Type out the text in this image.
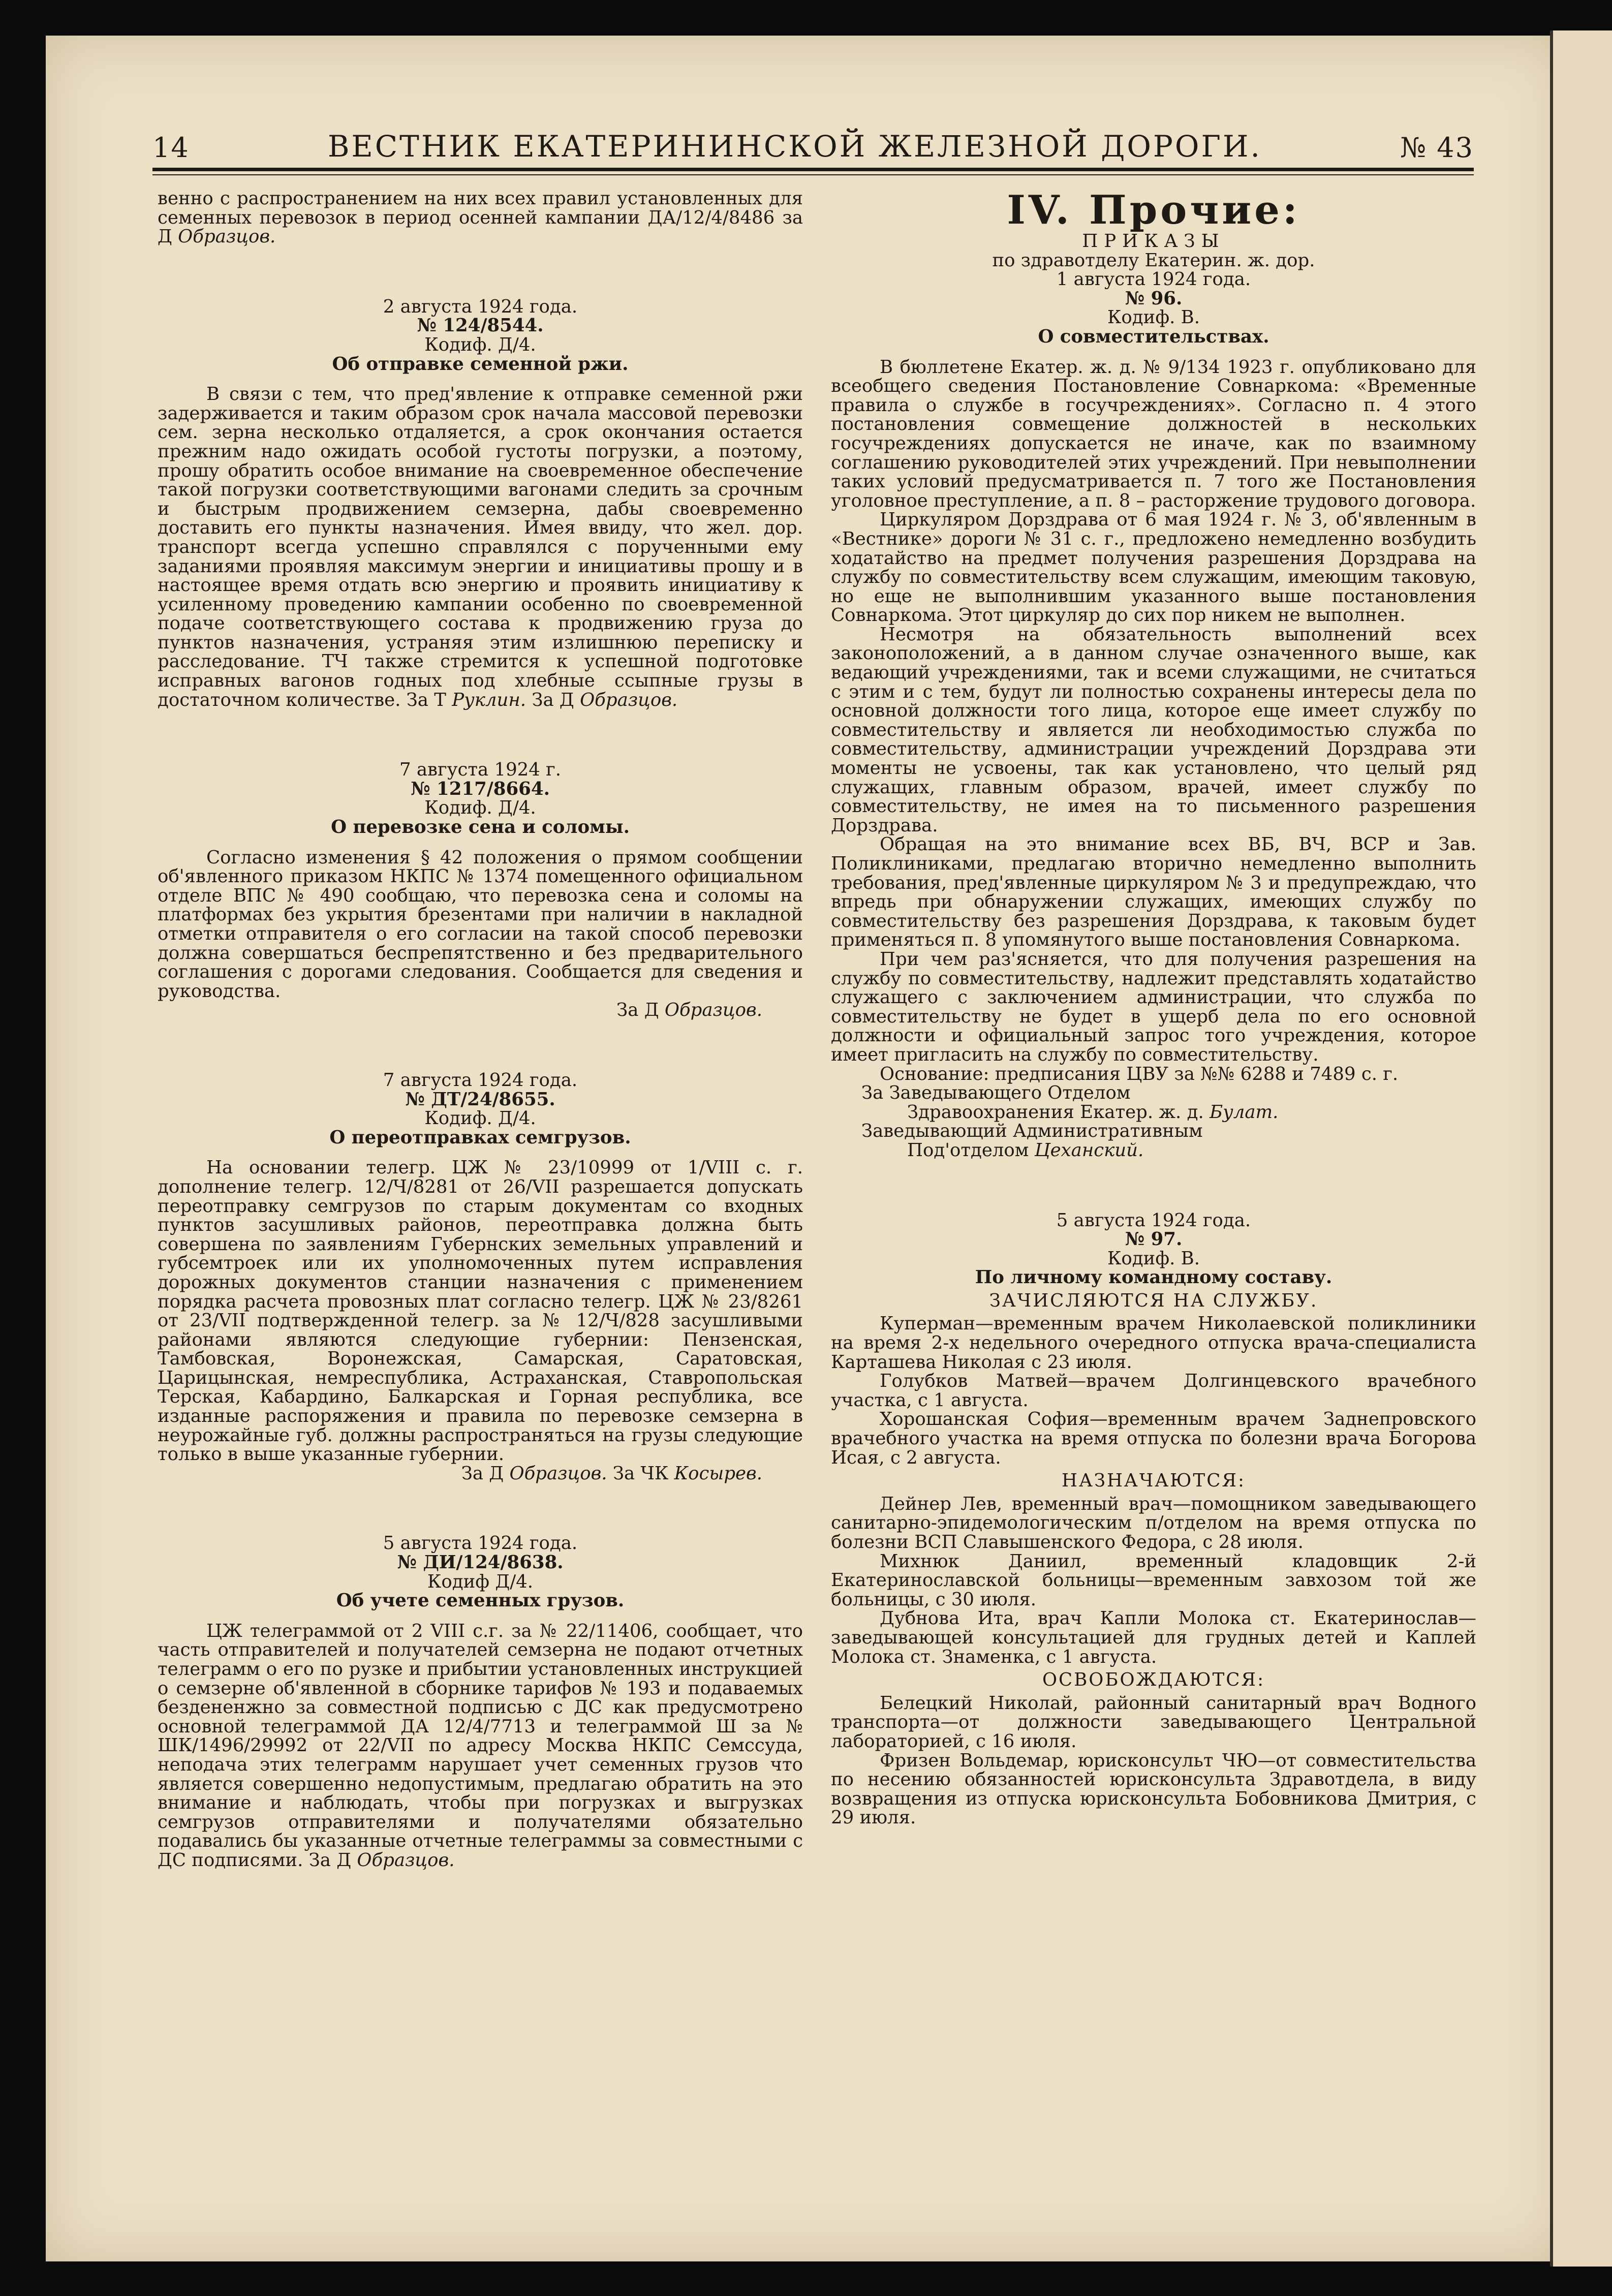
14	ВЕСТНИК ЕКАТЕРИНИНСКОЙ ЖЕЛЕЗНОЙ ДОРОГИ.	№ 43

венно с распространением на них всех правил установленных для семенных перевозок в период осенней кампании ДА/12/4/8486 за Д Образцов.

2 августа 1924 года.

№ 124/8544.

Кодиф. Д/4.

Об отправке семенной ржи.

В связи с тем, что пред'явление к отправке семенной ржи задерживается и таким образом срок начала массовой перевозки сем. зерна несколько отдаляется, а срок окончания остается прежним надо ожидать особой густоты погрузки, а поэтому, прошу обратить особое внимание на своевременное обеспечение такой погрузки соответствующими вагонами следить за срочным и быстрым продвижением семзерна, дабы своевременно доставить его пункты назначения. Имея ввиду, что жел. дор. транспорт всегда успешно справлялся с порученными ему заданиями проявляя максимум энергии и инициативы прошу и в настоящее время отдать всю энергию и проявить инициативу к усиленному проведению кампании особенно по своевременной подаче соответствующего состава к продвижению груза до пунктов назначения, устраняя этим излишнюю переписку и расследование. ТЧ также стремится к успешной подготовке исправных вагонов годных под хлебные ссыпные грузы в достаточном количестве. За Т Руклин. За Д Образцов.

7 августа 1924 г.

№ 1217/8664.

Кодиф. Д/4.

О перевозке сена и соломы.

Согласно изменения § 42 положения о прямом сообщении об'явленного приказом НКПС № 1374 помещенного официальном отделе ВПС № 490 сообщаю, что перевозка сена и соломы на платформах без укрытия брезентами при наличии в накладной отметки отправителя о его согласии на такой способ перевозки должна совершаться беспрепятственно и без предварительного соглашения с дорогами следования. Сообщается для сведения и руководства.

За Д Образцов.

7 августа 1924 года.

№ ДТ/24/8655.

Кодиф. Д/4.

О переотправках семгрузов.

На основании телегр. ЦЖ № 23/10999 от 1/VIII с. г. дополнение телегр. 12/Ч/8281 от 26/VII разрешается допускать переотправку семгрузов по старым документам со входных пунктов засушливых районов, переотправка должна быть совершена по заявлениям Губернских земельных управлений и губсемтроек или их уполномоченных путем исправления дорожных документов станции назначения с применением порядка расчета провозных плат согласно телегр. ЦЖ № 23/8261 от 23/VII подтвержденной телегр. за № 12/Ч/828 засушливыми районами являются следующие губернии: Пензенская, Тамбовская, Воронежская, Самарская, Саратовская, Царицынская, немреспублика, Астраханская, Ставропольская Терская, Кабардино, Балкарская и Горная республика, все изданные распоряжения и правила по перевозке семзерна в неурожайные губ. должны распространяться на грузы следующие только в выше указанные губернии.

За Д Образцов. За ЧК Косырев.

5 августа 1924 года.

№ ДИ/124/8638.

Кодиф Д/4.

Об учете семенных грузов.

ЦЖ телеграммой от 2 VIII с.г. за № 22/11406, сообщает, что часть отправителей и получателей семзерна не подают отчетных телеграмм о его по рузке и прибытии установленных инструкцией о семзерне об'явленной в сборнике тарифов № 193 и подаваемых бездененжно за совместной подписью с ДС как предусмотрено основной телеграммой ДА 12/4/7713 и телеграммой Ш за № ШК/1496/29992 от 22/VII по адресу Москва НКПС Семссуда, неподача этих телеграмм нарушает учет семенных грузов что является совершенно недопустимым, предлагаю обратить на это внимание и наблюдать, чтобы при погрузках и выгрузках семгрузов отправителями и получателями обязательно подавались бы указанные отчетные телеграммы за совместными с ДС подписями. За Д Образцов.

IV. Прочие:

ПРИКАЗЫ

по здравотделу Екатерин. ж. дор.

1 августа 1924 года.

№ 96.

Кодиф. В.

О совместительствах.

В бюллетене Екатер. ж. д. № 9/134 1923 г. опубликовано для всеобщего сведения Постановление Совнаркома: «Временные правила о службе в госучреждениях». Согласно п. 4 этого постановления совмещение должностей в нескольких госучреждениях допускается не иначе, как по взаимному соглашению руководителей этих учреждений. При невыполнении таких условий предусматривается п. 7 того же Постановления уголовное преступление, а п. 8 – расторжение трудового договора.

Циркуляром Дорздрава от 6 мая 1924 г. № 3, об'явленным в «Вестнике» дороги № 31 с. г., предложено немедленно возбудить ходатайство на предмет получения разрешения Дорздрава на службу по совместительству всем служащим, имеющим таковую, но еще не выполнившим указанного выше постановления Совнаркома. Этот циркуляр до сих пор никем не выполнен.

Несмотря на обязательность выполнений всех законоположений, а в данном случае означенного выше, как ведающий учреждениями, так и всеми служащими, не считаться с этим и с тем, будут ли полностью сохранены интересы дела по основной должности того лица, которое еще имеет службу по совместительству и является ли необходимостью служба по совместительству, администрации учреждений Дорздрава эти моменты не усвоены, так как установлено, что целый ряд служащих, главным образом, врачей, имеет службу по совместительству, не имея на то письменного разрешения Дорздрава.

Обращая на это внимание всех ВБ, ВЧ, ВСР и Зав. Поликлиниками, предлагаю вторично немедленно выполнить требования, пред'явленные циркуляром № 3 и предупреждаю, что впредь при обнаружении служащих, имеющих службу по совместительству без разрешения Дорздрава, к таковым будет применяться п. 8 упомянутого выше постановления Совнаркома.

При чем раз'ясняется, что для получения разрешения на службу по совместительству, надлежит представлять ходатайство служащего с заключением администрации, что служба по совместительству не будет в ущерб дела по его основной должности и официальный запрос того учреждения, которое имеет пригласить на службу по совместительству.

Основание: предписания ЦВУ за №№ 6288 и 7489 с. г.

За Заведывающего Отделом

Здравоохранения Екатер. ж. д. Булат.

Заведывающий Административным

Под'отделом Цеханский.

5 августа 1924 года.

№ 97.

Кодиф. В.

По личному командному составу.

ЗАЧИСЛЯЮТСЯ НА СЛУЖБУ.

Куперман—временным врачем Николаевской поликлиники на время 2-х недельного очередного отпуска врача-специалиста Карташева Николая с 23 июля.

Голубков Матвей—врачем Долгинцевского врачебного участка, с 1 августа.

Хорошанская София—временным врачем Заднепровского врачебного участка на время отпуска по болезни врача Богорова Исая, с 2 августа.

НАЗНАЧАЮТСЯ:

Дейнер Лев, временный врач—помощником заведывающего санитарно-эпидемологическим п/отделом на время отпуска по болезни ВСП Славышенского Федора, с 28 июля.

Михнюк Даниил, временный кладовщик 2-й Екатеринославской больницы—временным завхозом той же больницы, с 30 июля.

Дубнова Ита, врач Капли Молока ст. Екатеринослав—заведывающей консультацией для грудных детей и Каплей Молока ст. Знаменка, с 1 августа.

ОСВОБОЖДАЮТСЯ:

Белецкий Николай, районный санитарный врач Водного транспорта—от должности заведывающего Центральной лабораторией, с 16 июля.

Фризен Вольдемар, юрисконсульт ЧЮ—от совместительства по несению обязанностей юрисконсульта Здравотдела, в виду возвращения из отпуска юрисконсульта Бобовникова Дмитрия, с 29 июля.
